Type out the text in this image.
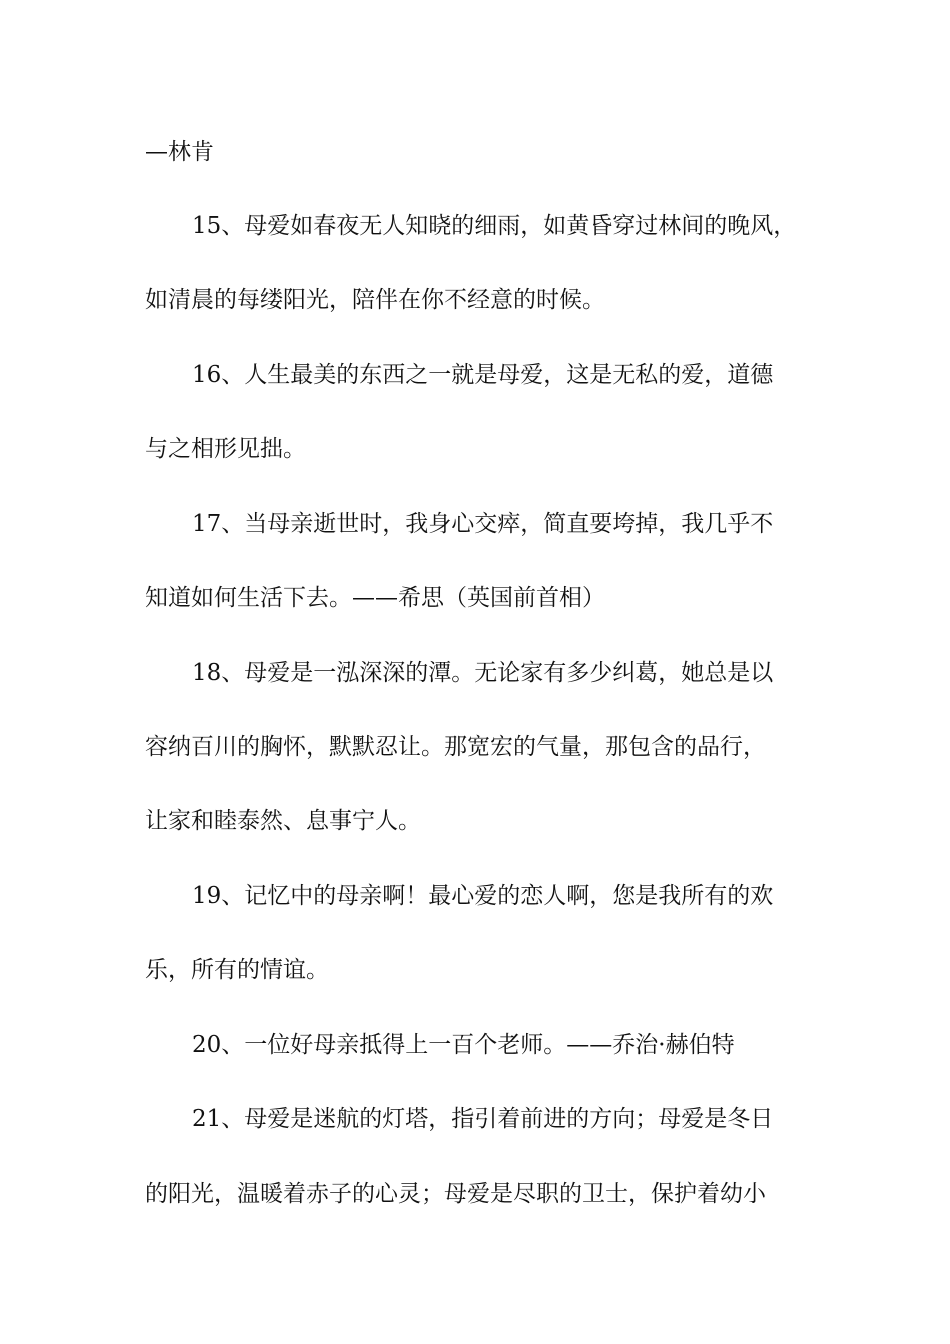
—林肯
15、母爱如春夜无人知晓的细雨，如黄昏穿过林间的晚风，
如清晨的每缕阳光，陪伴在你不经意的时候。
16、人生最美的东西之一就是母爱，这是无私的爱，道德
与之相形见拙。
17、当母亲逝世时，我身心交瘁，简直要垮掉，我几乎不
知道如何生活下去。——希思（英国前首相）
18、母爱是一泓深深的潭。无论家有多少纠葛，她总是以
容纳百川的胸怀，默默忍让。那宽宏的气量，那包含的品行，
让家和睦泰然、息事宁人。
19、记忆中的母亲啊！最心爱的恋人啊，您是我所有的欢
乐，所有的情谊。
20、一位好母亲抵得上一百个老师。——乔治·赫伯特
21、母爱是迷航的灯塔，指引着前进的方向；母爱是冬日
的阳光，温暖着赤子的心灵；母爱是尽职的卫士，保护着幼小
